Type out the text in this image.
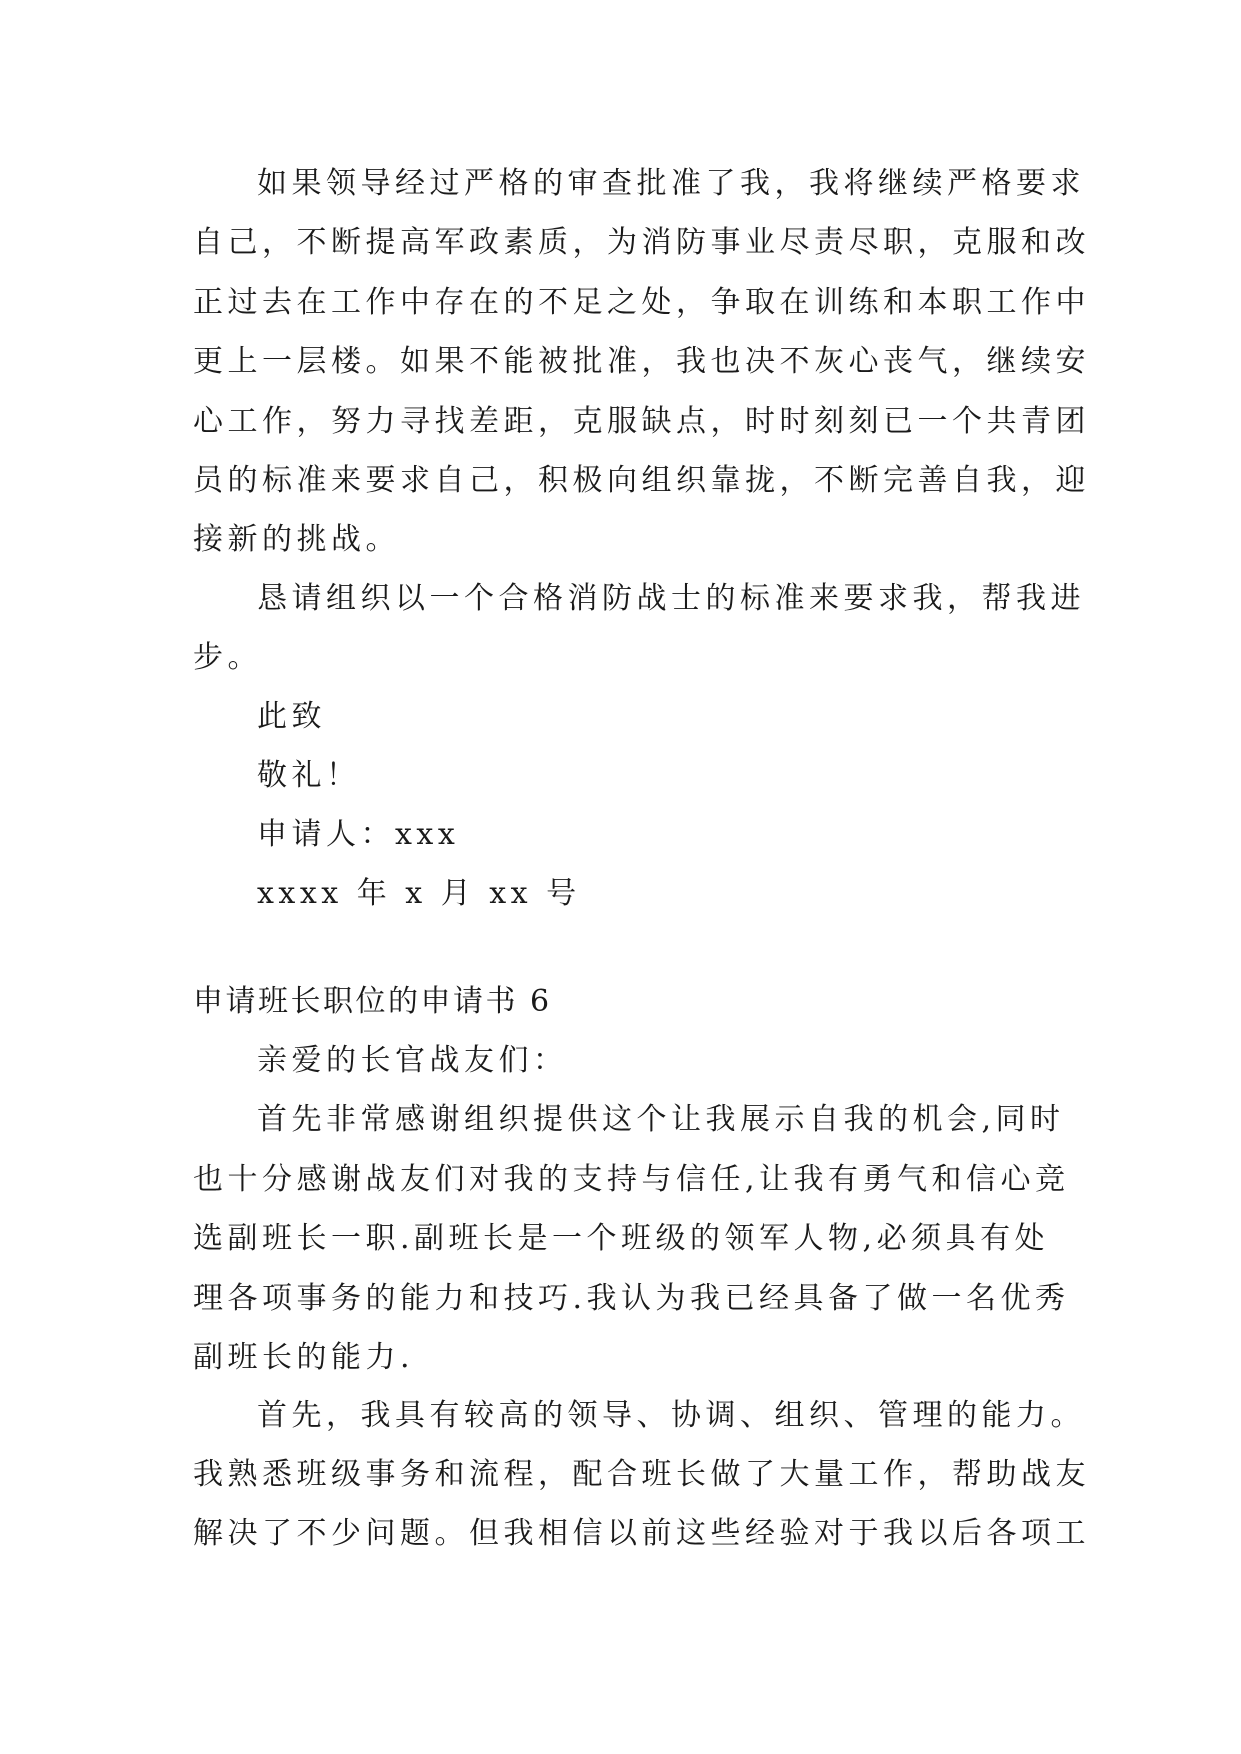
如果领导经过严格的审查批准了我，我将继续严格要求
自己，不断提高军政素质，为消防事业尽责尽职，克服和改
正过去在工作中存在的不足之处，争取在训练和本职工作中
更上一层楼。如果不能被批准，我也决不灰心丧气，继续安
心工作，努力寻找差距，克服缺点，时时刻刻已一个共青团
员的标准来要求自己，积极向组织靠拢，不断完善自我，迎
接新的挑战。
恳请组织以一个合格消防战士的标准来要求我，帮我进
步。
此致
敬礼！
申请人：xxx
xxxx 年 x 月 xx 号
申请班长职位的申请书 6
亲爱的长官战友们：
首先非常感谢组织提供这个让我展示自我的机会,同时
也十分感谢战友们对我的支持与信任,让我有勇气和信心竞
选副班长一职.副班长是一个班级的领军人物,必须具有处
理各项事务的能力和技巧.我认为我已经具备了做一名优秀
副班长的能力.
首先，我具有较高的领导、协调、组织、管理的能力。
我熟悉班级事务和流程，配合班长做了大量工作，帮助战友
解决了不少问题。但我相信以前这些经验对于我以后各项工
